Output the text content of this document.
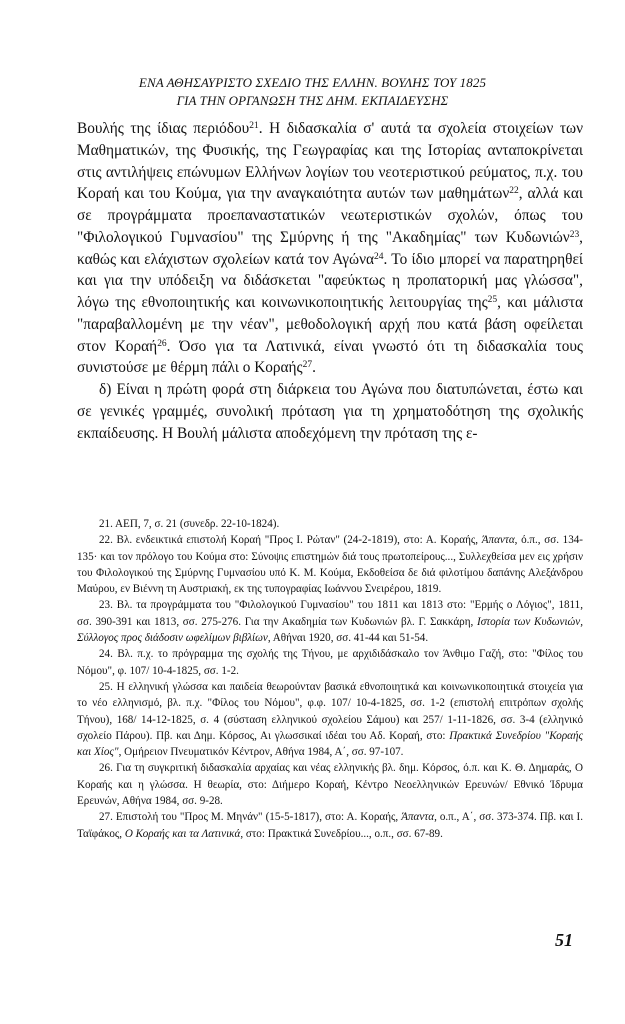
ΕΝΑ ΑΘΗΣΑΥΡΙΣΤΟ ΣΧΕΔΙΟ ΤΗΣ ΕΛΛΗΝ. ΒΟΥΛΗΣ ΤΟΥ 1825
ΓΙΑ ΤΗΝ ΟΡΓΑΝΩΣΗ ΤΗΣ ΔΗΜ. ΕΚΠΑΙΔΕΥΣΗΣ

Βουλής της ίδιας περιόδου$^{21}$. Η διδασκαλία σ' αυτά τα σχολεία στοιχείων των Μαθηματικών, της Φυσικής, της Γεωγραφίας και της Ιστορίας ανταποκρίνεται στις αντιλήψεις επώνυμων Ελλήνων λογίων του νεοτεριστικού ρεύματος, π.χ. του Κοραή και του Κούμα, για την αναγκαιότητα αυτών των μαθημάτων$^{22}$, αλλά και σε προγράμματα προεπαναστατικών νεωτεριστικών σχολών, όπως του "Φιλολογικού Γυμνασίου" της Σμύρνης ή της "Ακαδημίας" των Κυδωνιών$^{23}$, καθώς και ελάχιστων σχολείων κατά τον Αγώνα$^{24}$. Το ίδιο μπορεί να παρατηρηθεί και για την υπόδειξη να διδάσκεται "αφεύκτως η προπατορική μας γλώσσα", λόγω της εθνοποιητικής και κοινωνικοποιητικής λειτουργίας της$^{25}$, και μάλιστα "παραβαλλομένη με την νέαν", μεθοδολογική αρχή που κατά βάση οφείλεται στον Κοραή$^{26}$. Όσο για τα Λατινικά, είναι γνωστό ότι τη διδασκαλία τους συνιστούσε με θέρμη πάλι ο Κοραής$^{27}$.

δ) Είναι η πρώτη φορά στη διάρκεια του Αγώνα που διατυπώνεται, έστω και σε γενικές γραμμές, συνολική πρόταση για τη χρηματοδότηση της σχολικής εκπαίδευσης. Η Βουλή μάλιστα αποδεχόμενη την πρόταση της ε-

21. ΑΕΠ, 7, σ. 21 (συνεδρ. 22-10-1824).

22. Βλ. ενδεικτικά επιστολή Κοραή "Προς Ι. Ρώταν" (24-2-1819), στο: Α. Κοραής, Άπαντα, ό.π., σσ. 134-135· και τον πρόλογο του Κούμα στο: Σύνοψις επιστημών διά τους πρωτοπείρους..., Συλλεχθείσα μεν εις χρήσιν του Φιλολογικού της Σμύρνης Γυμνασίου υπό Κ. Μ. Κούμα, Εκδοθείσα δε διά φιλοτίμου δαπάνης Αλεξάνδρου Μαύρου, εν Βιέννη τη Αυστριακή, εκ της τυπογραφίας Ιωάννου Σνειρέρου, 1819.

23. Βλ. τα προγράμματα του "Φιλολογικού Γυμνασίου" του 1811 και 1813 στο: "Ερμής ο Λόγιος", 1811, σσ. 390-391 και 1813, σσ. 275-276. Για την Ακαδημία των Κυδωνιών βλ. Γ. Σακκάρη, Ιστορία των Κυδωνιών, Σύλλογος προς διάδοσιν ωφελίμων βιβλίων, Αθήναι 1920, σσ. 41-44 και 51-54.

24. Βλ. π.χ. το πρόγραμμα της σχολής της Τήνου, με αρχιδιδάσκαλο τον Άνθιμο Γαζή, στο: "Φίλος του Νόμου", φ. 107/ 10-4-1825, σσ. 1-2.

25. Η ελληνική γλώσσα και παιδεία θεωρούνταν βασικά εθνοποιητικά και κοινωνικοποιητικά στοιχεία για το νέο ελληνισμό, βλ. π.χ. "Φίλος του Νόμου", φ.φ. 107/ 10-4-1825, σσ. 1-2 (επιστολή επιτρόπων σχολής Τήνου), 168/ 14-12-1825, σ. 4 (σύσταση ελληνικού σχολείου Σάμου) και 257/ 1-11-1826, σσ. 3-4 (ελληνικό σχολείο Πάρου). Πβ. και Δημ. Κόρσος, Αι γλωσσικαί ιδέαι του Αδ. Κοραή, στο: Πρακτικά Συνεδρίου "Κοραής και Χίος", Ομήρειον Πνευματικόν Κέντρον, Αθήνα 1984, Α΄, σσ. 97-107.

26. Για τη συγκριτική διδασκαλία αρχαίας και νέας ελληνικής βλ. δημ. Κόρσος, ό.π. και Κ. Θ. Δημαράς, Ο Κοραής και η γλώσσα. Η θεωρία, στο: Διήμερο Κοραή, Κέντρο Νεοελληνικών Ερευνών/ Εθνικό Ίδρυμα Ερευνών, Αθήνα 1984, σσ. 9-28.

27. Επιστολή του "Προς Μ. Μηνάν" (15-5-1817), στο: Α. Κοραής, Άπαντα, ο.π., Α΄, σσ. 373-374. Πβ. και Ι. Ταϊφάκος, Ο Κοραής και τα Λατινικά, στο: Πρακτικά Συνεδρίου..., ο.π., σσ. 67-89.

51
